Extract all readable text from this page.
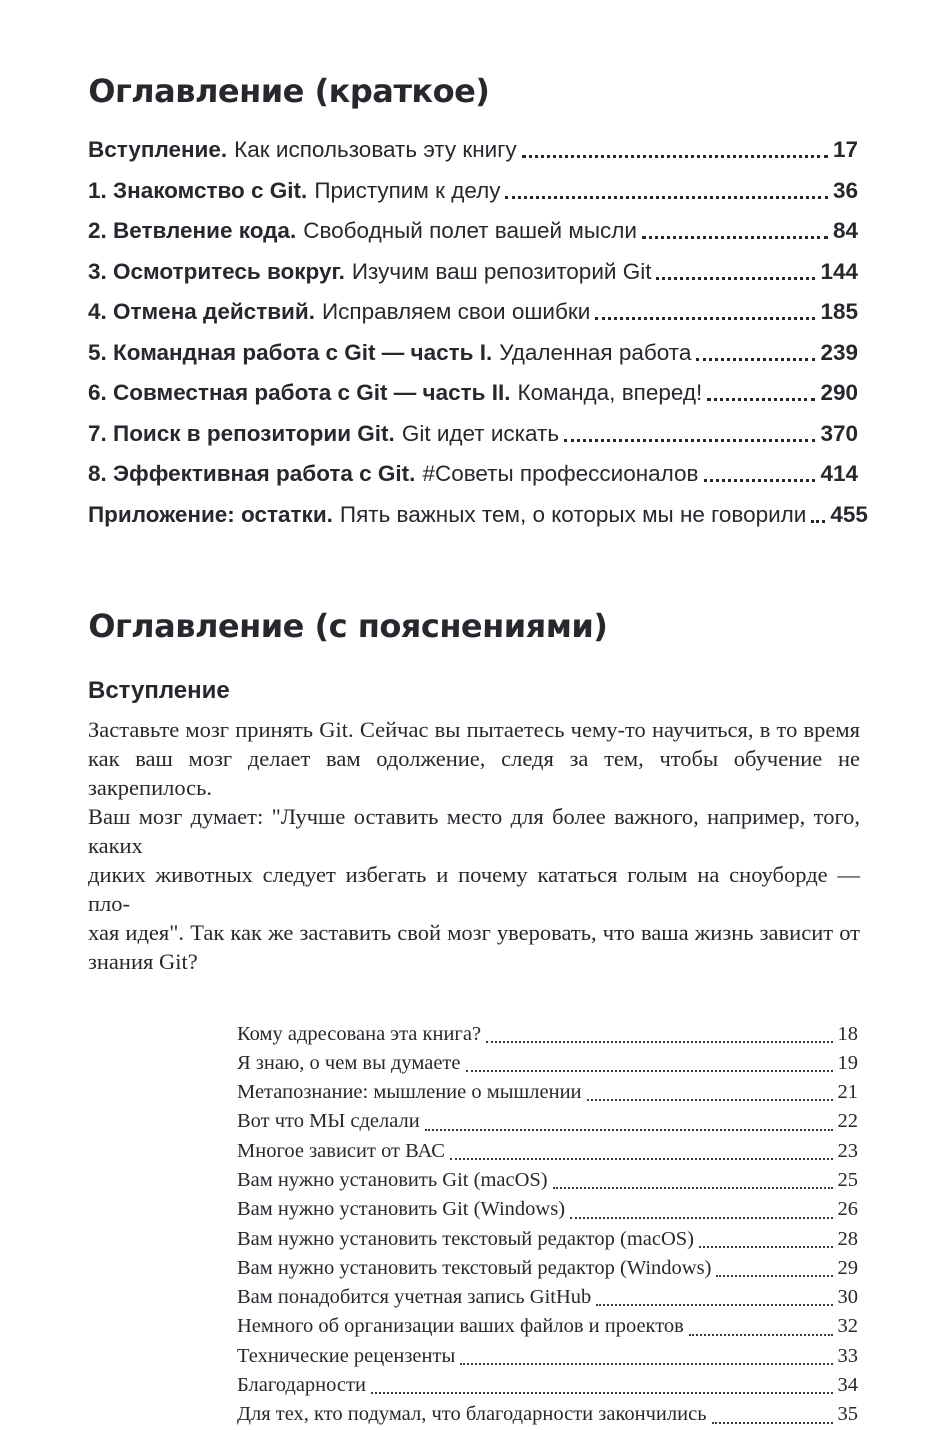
Оглавление (краткое)
Вступление. Как использовать эту книгу	17
1. Знакомство с Git. Приступим к делу	36
2. Ветвление кода. Свободный полет вашей мысли	84
3. Осмотритесь вокруг. Изучим ваш репозиторий Git	144
4. Отмена действий. Исправляем свои ошибки	185
5. Командная работа с Git — часть I. Удаленная работа	239
6. Совместная работа с Git — часть II. Команда, вперед!	290
7. Поиск в репозитории Git. Git идет искать	370
8. Эффективная работа с Git. #Советы профессионалов	414
Приложение: остатки. Пять важных тем, о которых мы не говорили 455
Оглавление (с пояснениями)
Вступление
Заставьте мозг принять Git. Сейчас вы пытаетесь чему-то научиться, в то время
как ваш мозг делает вам одолжение, следя за тем, чтобы обучение не закрепилось.
Ваш мозг думает: "Лучше оставить место для более важного, например, того, каких
диких животных следует избегать и почему кататься голым на сноуборде — пло-
хая идея". Так как же заставить свой мозг уверовать, что ваша жизнь зависит от
знания Git?
Кому адресована эта книга?	18
Я знаю, о чем вы думаете	19
Метапознание: мышление о мышлении	21
Вот что МЫ сделали	22
Многое зависит от ВАС	23
Вам нужно установить Git (macOS)	25
Вам нужно установить Git (Windows)	26
Вам нужно установить текстовый редактор (macOS)	28
Вам нужно установить текстовый редактор (Windows)	29
Вам понадобится учетная запись GitHub	30
Немного об организации ваших файлов и проектов	32
Технические рецензенты	33
Благодарности	34
Для тех, кто подумал, что благодарности закончились	35
